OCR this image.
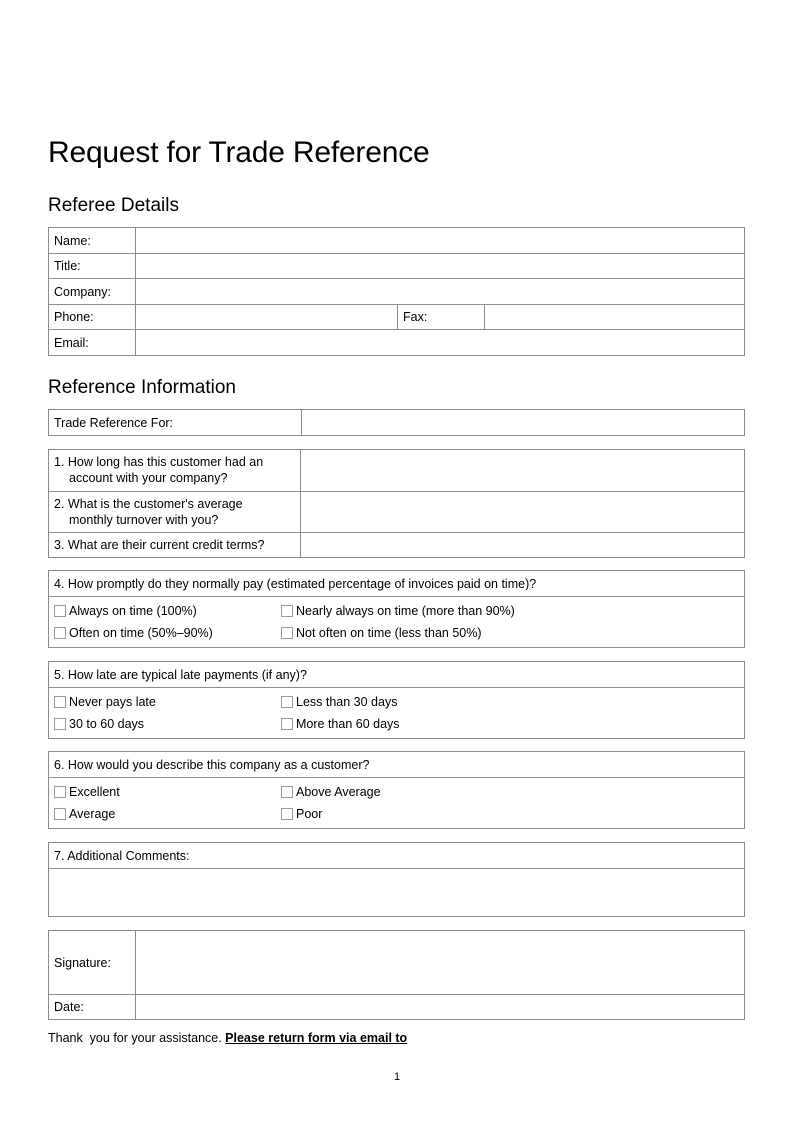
Request for Trade Reference
Referee Details
Name:
Title:
Company:
Phone:	Fax:
Email:
Reference Information
Trade Reference For:
1. How long has this customer had an
account with your company?
2. What is the customer's average
monthly turnover with you?
3. What are their current credit terms?
4. How promptly do they normally pay (estimated percentage of invoices paid on time)?
Always on time (100%)	Nearly always on time (more than 90%)
Often on time (50%–90%)	Not often on time (less than 50%)
5. How late are typical late payments (if any)?
Never pays late	Less than 30 days
30 to 60 days	More than 60 days
6. How would you describe this company as a customer?
Excellent	Above Average
Average	Poor
7. Additional Comments:
Signature:
Date:
Thank  you for your assistance. Please return form via email to
1
